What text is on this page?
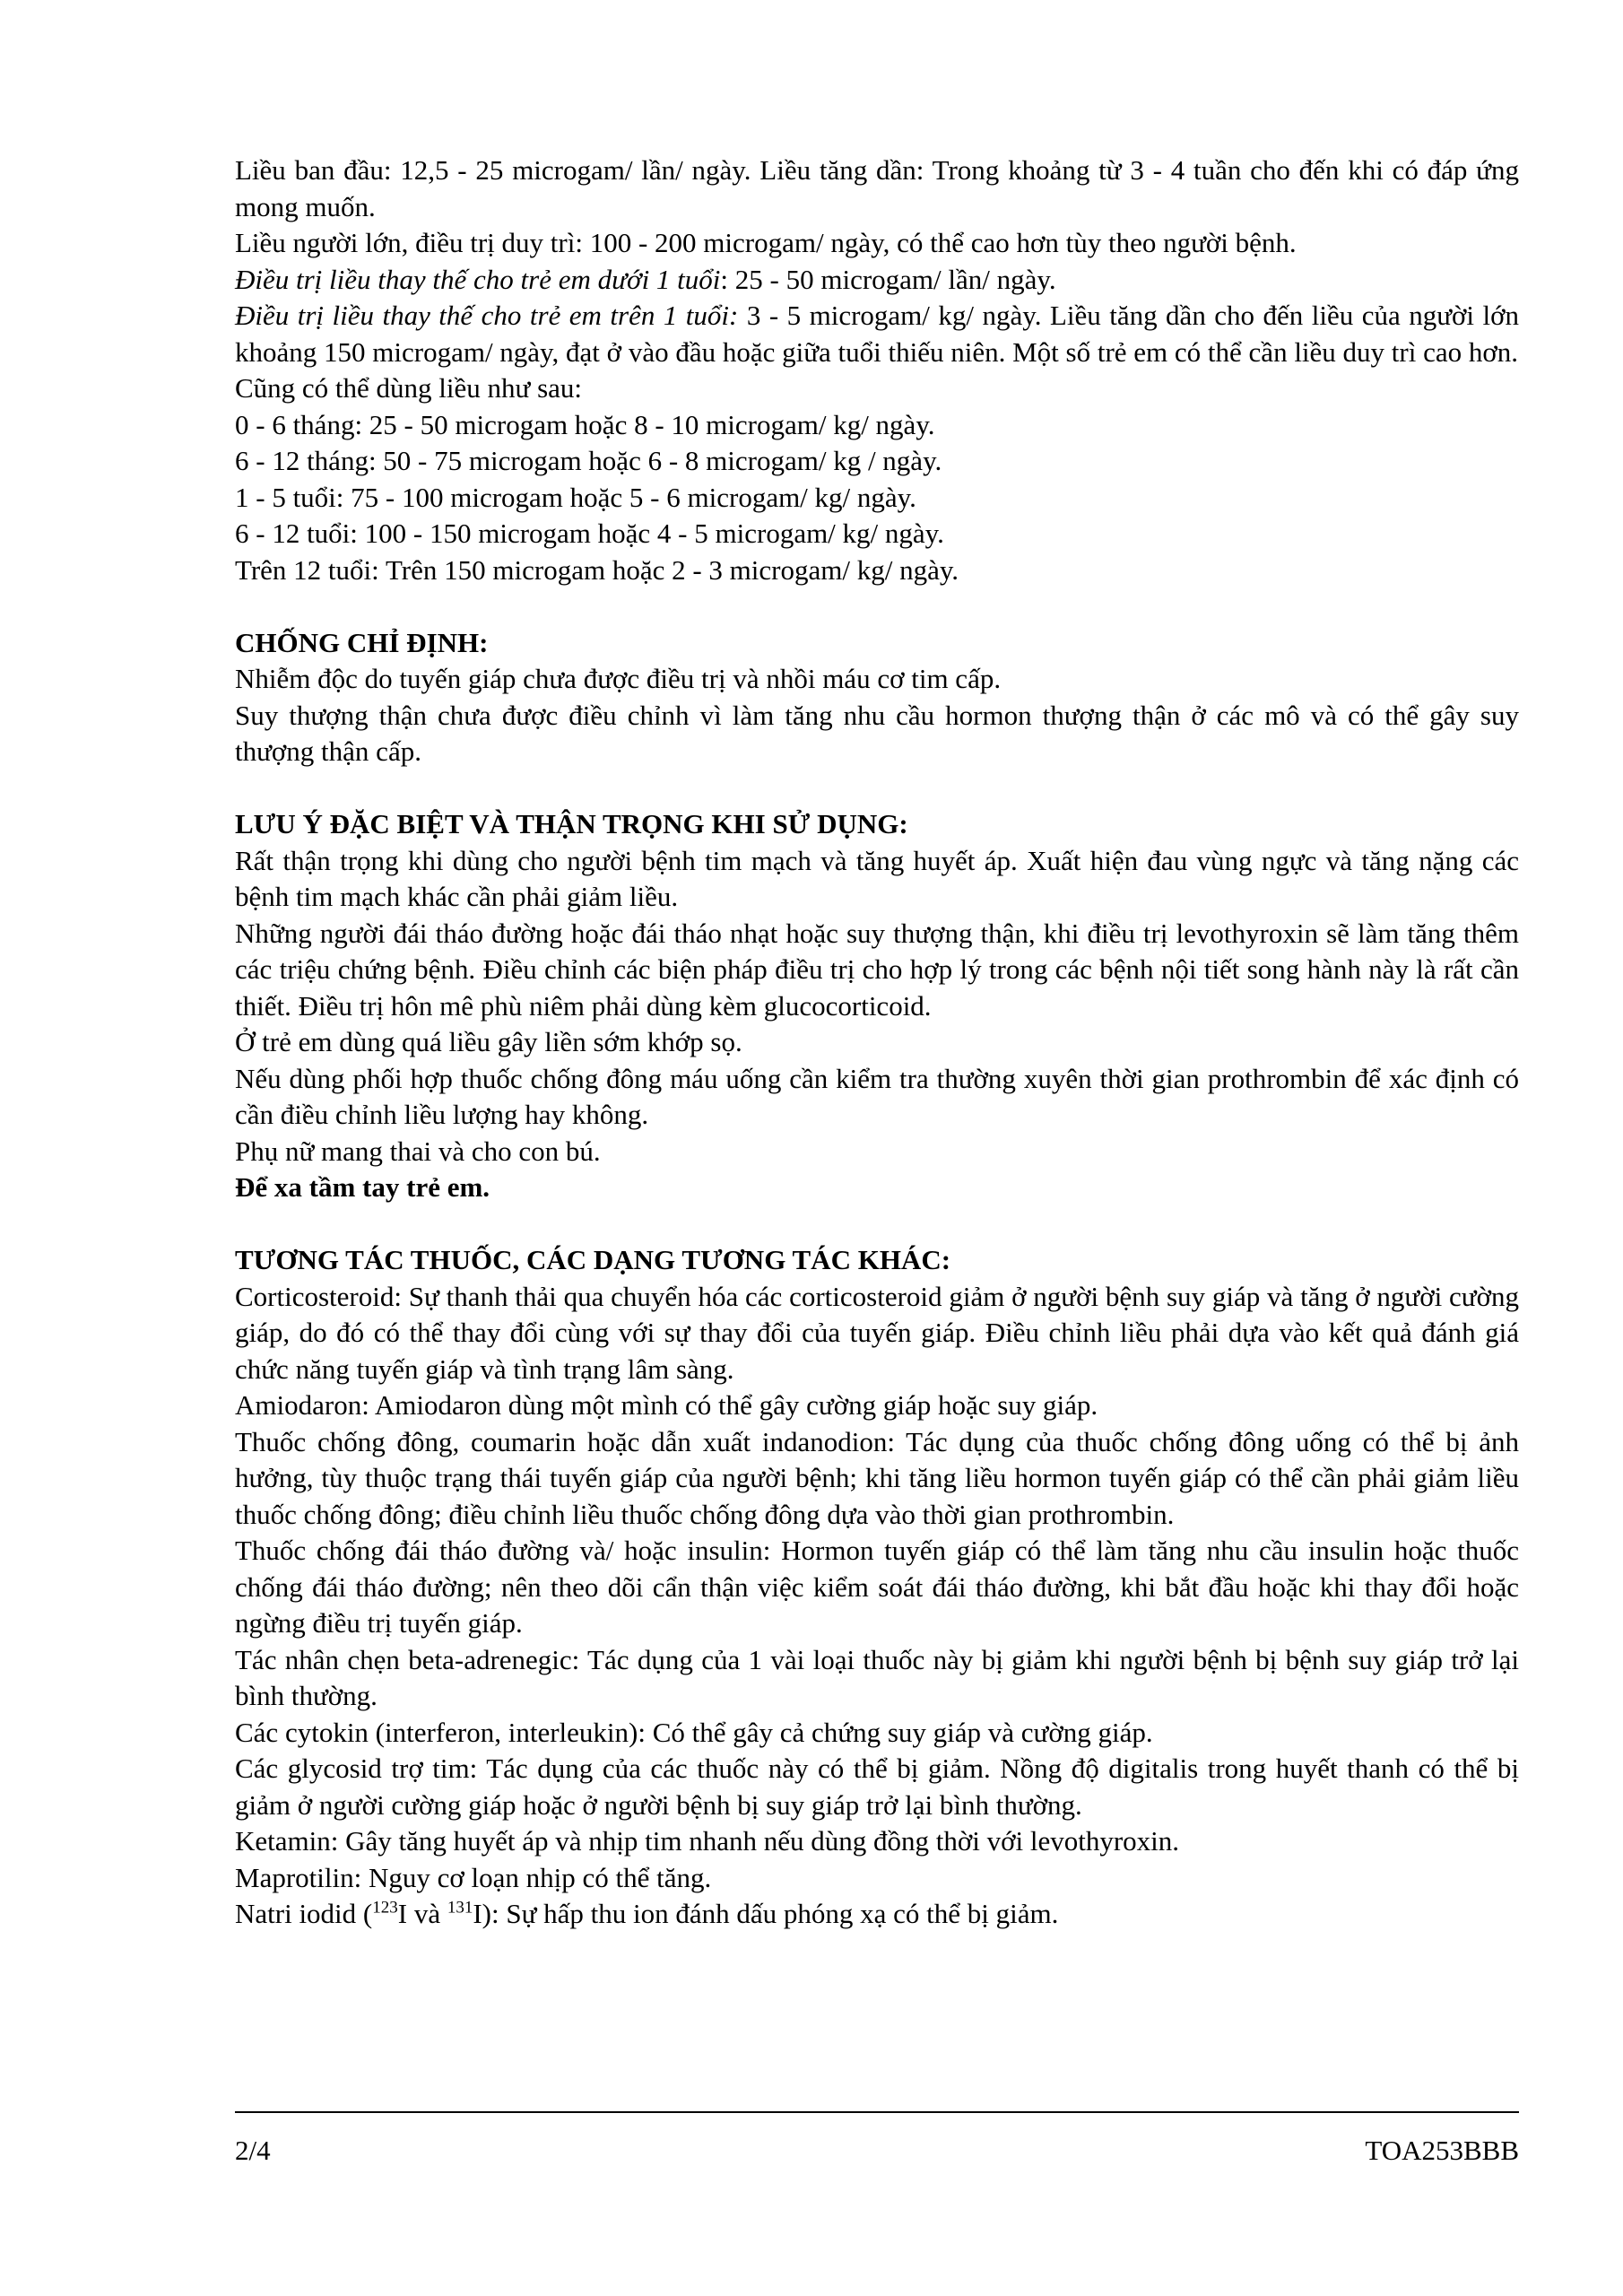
Liều ban đầu: 12,5 - 25 microgam/ lần/ ngày. Liều tăng dần: Trong khoảng từ 3 - 4 tuần cho đến khi có đáp ứng mong muốn.

Liều người lớn, điều trị duy trì: 100 - 200 microgam/ ngày, có thể cao hơn tùy theo người bệnh.

Điều trị liều thay thế cho trẻ em dưới 1 tuổi: 25 - 50 microgam/ lần/ ngày.

Điều trị liều thay thế cho trẻ em trên 1 tuổi: 3 - 5 microgam/ kg/ ngày. Liều tăng dần cho đến liều của người lớn khoảng 150 microgam/ ngày, đạt ở vào đầu hoặc giữa tuổi thiếu niên. Một số trẻ em có thể cần liều duy trì cao hơn.

Cũng có thể dùng liều như sau:

0 - 6 tháng: 25 - 50 microgam hoặc 8 - 10 microgam/ kg/ ngày.

6 - 12 tháng: 50 - 75 microgam hoặc 6 - 8 microgam/ kg / ngày.

1 - 5 tuổi: 75 - 100 microgam hoặc 5 - 6 microgam/ kg/ ngày.

6 - 12 tuổi: 100 - 150 microgam hoặc 4 - 5 microgam/ kg/ ngày.

Trên 12 tuổi: Trên 150 microgam hoặc 2 - 3 microgam/ kg/ ngày.

CHỐNG CHỈ ĐỊNH:

Nhiễm độc do tuyến giáp chưa được điều trị và nhồi máu cơ tim cấp.

Suy thượng thận chưa được điều chỉnh vì làm tăng nhu cầu hormon thượng thận ở các mô và có thể gây suy thượng thận cấp.

LƯU Ý ĐẶC BIỆT VÀ THẬN TRỌNG KHI SỬ DỤNG:

Rất thận trọng khi dùng cho người bệnh tim mạch và tăng huyết áp. Xuất hiện đau vùng ngực và tăng nặng các bệnh tim mạch khác cần phải giảm liều.

Những người đái tháo đường hoặc đái tháo nhạt hoặc suy thượng thận, khi điều trị levothyroxin sẽ làm tăng thêm các triệu chứng bệnh. Điều chỉnh các biện pháp điều trị cho hợp lý trong các bệnh nội tiết song hành này là rất cần thiết. Điều trị hôn mê phù niêm phải dùng kèm glucocorticoid.

Ở trẻ em dùng quá liều gây liền sớm khớp sọ.

Nếu dùng phối hợp thuốc chống đông máu uống cần kiểm tra thường xuyên thời gian prothrombin để xác định có cần điều chỉnh liều lượng hay không.

Phụ nữ mang thai và cho con bú.

Để xa tầm tay trẻ em.

TƯƠNG TÁC THUỐC, CÁC DẠNG TƯƠNG TÁC KHÁC:

Corticosteroid: Sự thanh thải qua chuyển hóa các corticosteroid giảm ở người bệnh suy giáp và tăng ở người cường giáp, do đó có thể thay đổi cùng với sự thay đổi của tuyến giáp. Điều chỉnh liều phải dựa vào kết quả đánh giá chức năng tuyến giáp và tình trạng lâm sàng.

Amiodaron: Amiodaron dùng một mình có thể gây cường giáp hoặc suy giáp.

Thuốc chống đông, coumarin hoặc dẫn xuất indanodion: Tác dụng của thuốc chống đông uống có thể bị ảnh hưởng, tùy thuộc trạng thái tuyến giáp của người bệnh; khi tăng liều hormon tuyến giáp có thể cần phải giảm liều thuốc chống đông; điều chỉnh liều thuốc chống đông dựa vào thời gian prothrombin.

Thuốc chống đái tháo đường và/ hoặc insulin: Hormon tuyến giáp có thể làm tăng nhu cầu insulin hoặc thuốc chống đái tháo đường; nên theo dõi cẩn thận việc kiểm soát đái tháo đường, khi bắt đầu hoặc khi thay đổi hoặc ngừng điều trị tuyến giáp.

Tác nhân chẹn beta-adrenegic: Tác dụng của 1 vài loại thuốc này bị giảm khi người bệnh bị bệnh suy giáp trở lại bình thường.

Các cytokin (interferon, interleukin): Có thể gây cả chứng suy giáp và cường giáp.

Các glycosid trợ tim: Tác dụng của các thuốc này có thể bị giảm. Nồng độ digitalis trong huyết thanh có thể bị giảm ở người cường giáp hoặc ở người bệnh bị suy giáp trở lại bình thường.

Ketamin: Gây tăng huyết áp và nhịp tim nhanh nếu dùng đồng thời với levothyroxin.

Maprotilin: Nguy cơ loạn nhịp có thể tăng.

Natri iodid ($^{123}$I và $^{131}$I): Sự hấp thu ion đánh dấu phóng xạ có thể bị giảm.

2/4	TOA253BBB
